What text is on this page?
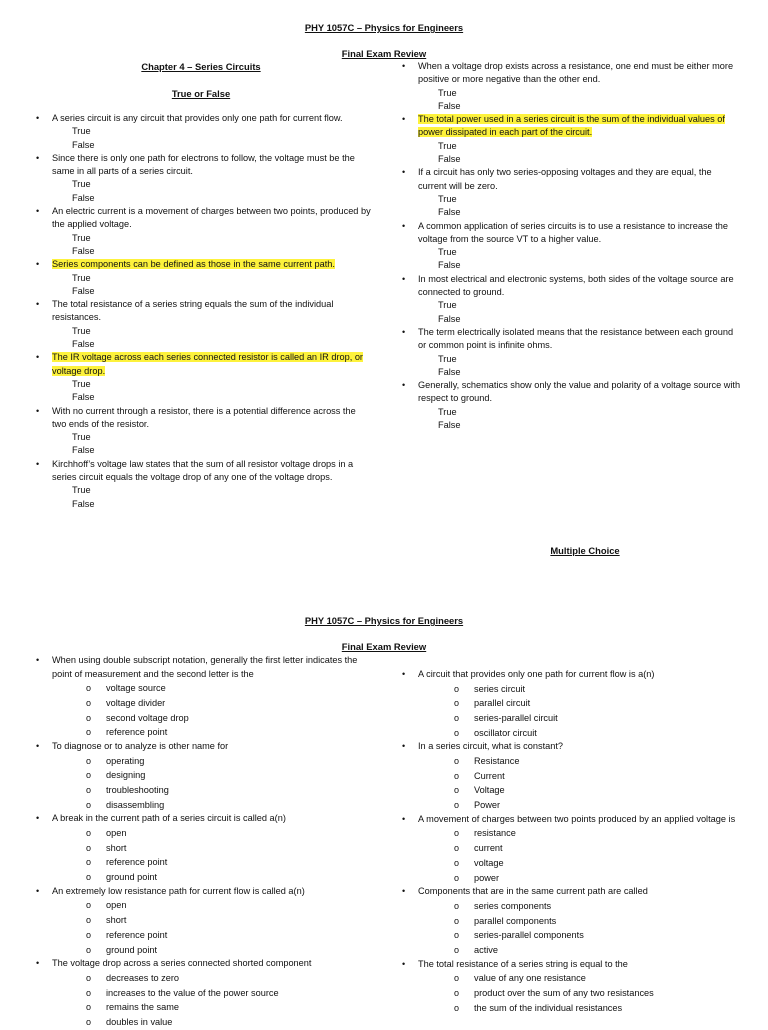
PHY 1057C – Physics for Engineers
Final Exam Review
Chapter 4 – Series Circuits
True or False
• A series circuit is any circuit that provides only one path for current flow.
True
False
• Since there is only one path for electrons to follow, the voltage must be the same in all parts of a series circuit.
True
False
• An electric current is a movement of charges between two points, produced by the applied voltage.
True
False
• Series components can be defined as those in the same current path.
True
False
• The total resistance of a series string equals the sum of the individual resistances.
True
False
• The IR voltage across each series connected resistor is called an IR drop, or voltage drop.
True
False
• With no current through a resistor, there is a potential difference across the two ends of the resistor.
True
False
• Kirchhoff’s voltage law states that the sum of all resistor voltage drops in a series circuit equals the voltage drop of any one of the voltage drops.
True
False
• When a voltage drop exists across a resistance, one end must be either more positive or more negative than the other end.
True
False
• The total power used in a series circuit is the sum of the individual values of power dissipated in each part of the circuit.
True
False
• If a circuit has only two series-opposing voltages and they are equal, the current will be zero.
True
False
• A common application of series circuits is to use a resistance to increase the voltage from the source VT to a higher value.
True
False
• In most electrical and electronic systems, both sides of the voltage source are connected to ground.
True
False
• The term electrically isolated means that the resistance between each ground or common point is infinite ohms.
True
False
• Generally, schematics show only the value and polarity of a voltage source with respect to ground.
True
False
Multiple Choice
PHY 1057C – Physics for Engineers
Final Exam Review
• When using double subscript notation, generally the first letter indicates the point of measurement and the second letter is the
o voltage source
o voltage divider
o second voltage drop
o reference point
• To diagnose or to analyze is other name for
o operating
o designing
o troubleshooting
o disassembling
• A break in the current path of a series circuit is called a(n)
o open
o short
o reference point
o ground point
• An extremely low resistance path for current flow is called a(n)
o open
o short
o reference point
o ground point
• The voltage drop across a series connected shorted component
o decreases to zero
o increases to the value of the power source
o remains the same
o doubles in value
• A circuit that provides only one path for current flow is a(n)
o series circuit
o parallel circuit
o series-parallel circuit
o oscillator circuit
• In a series circuit, what is constant?
o Resistance
o Current
o Voltage
o Power
• A movement of charges between two points produced by an applied voltage is
o resistance
o current
o voltage
o power
• Components that are in the same current path are called
o series components
o parallel components
o series-parallel components
o active
• The total resistance of a series string is equal to the
o value of any one resistance
o product over the sum of any two resistances
o the sum of the individual resistances
